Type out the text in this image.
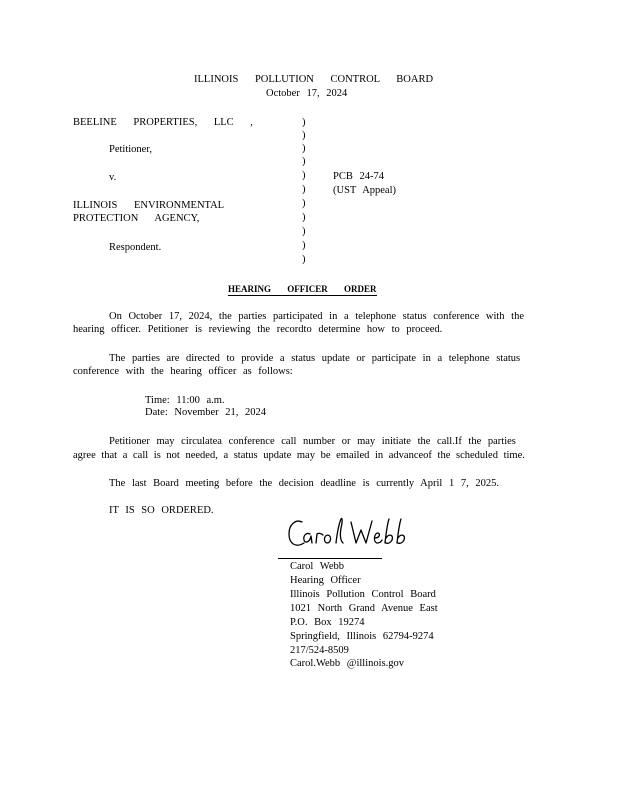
ILLINOIS POLLUTION CONTROL BOARD
October 17, 2024
BEELINE PROPERTIES, LLC ,
Petitioner,
v.
ILLINOIS ENVIRONMENTAL
PROTECTION AGENCY,
Respondent.
)
)
)
)
)
)
)
)
)
)
)
PCB 24-74
(UST Appeal)
HEARING OFFICER ORDER
On October 17, 2024, the parties participated in a telephone status conference with the
hearing officer. Petitioner is reviewing the recordto determine how to proceed.
The parties are directed to provide a status update or participate in a telephone status
conference with the hearing officer as follows:
Time: 11:00 a.m.
Date: November 21, 2024
Petitioner may circulatea conference call number or may initiate the call.If the parties
agree that a call is not needed, a status update may be emailed in advanceof the scheduled time.
The last Board meeting before the decision deadline is currently April 1 7, 2025.
IT IS SO ORDERED.
Carol Webb
Hearing Officer
Illinois Pollution Control Board
1021 North Grand Avenue East
P.O. Box 19274
Springfield, Illinois 62794-9274
217/524-8509
Carol.Webb @illinois.gov
